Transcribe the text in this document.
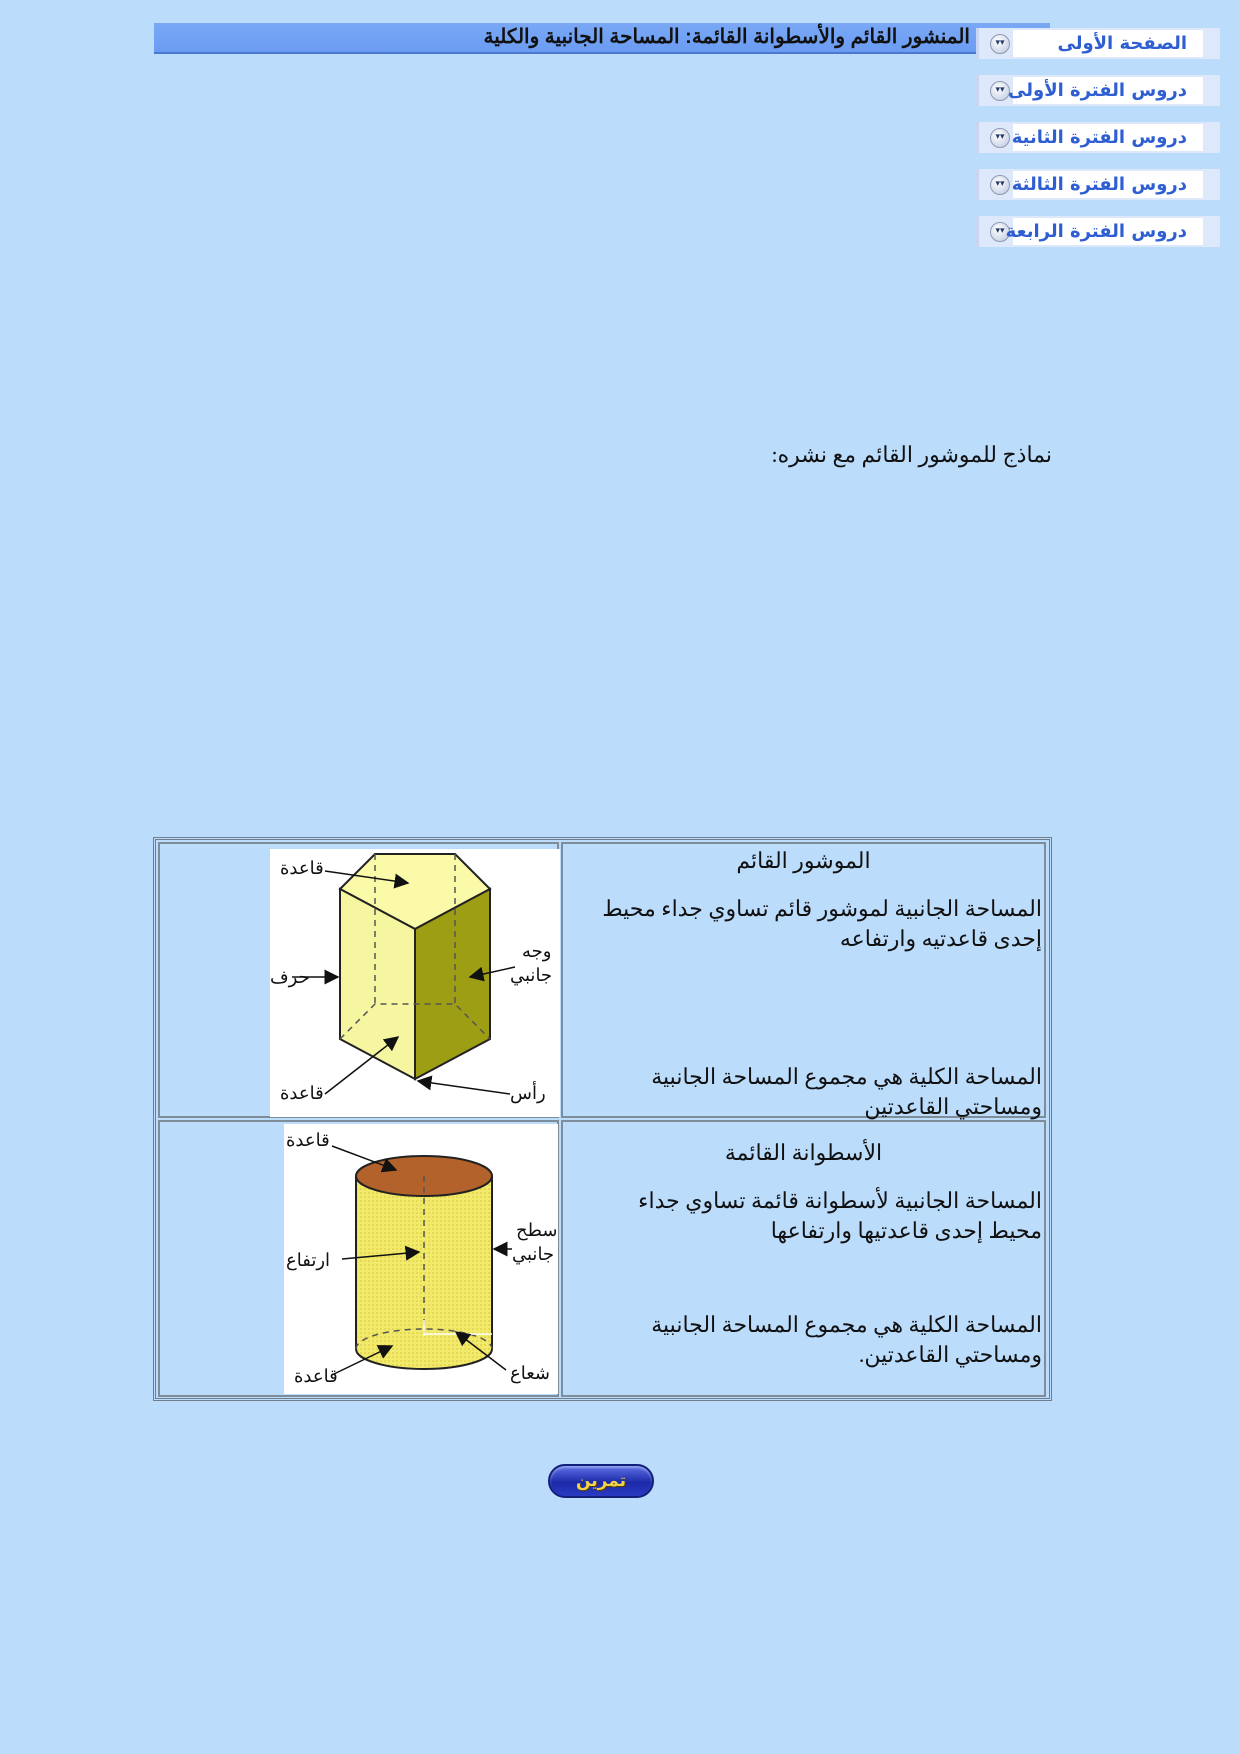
المنشور القائم والأسطوانة القائمة: المساحة الجانبية والكلية	▾▾	الصفحة الأولى
▾▾ دروس الفترة الأولى
▾▾ دروس الفترة الثانية
▾▾ دروس الفترة الثالثة
▾▾ دروس الفترة الرابعة
نماذج للموشور القائم مع نشره:
الموشور القائم
المساحة الجانبية لموشور قائم تساوي جداء محيط إحدى قاعدتيه وارتفاعه
المساحة الكلية هي مجموع المساحة الجانبية ومساحتي القاعدتين
قاعدة
وجه
جانبي
حرف
قاعدة	رأس
الأسطوانة القائمة
المساحة الجانبية لأسطوانة قائمة تساوي جداء محيط إحدى قاعدتيها وارتفاعها
المساحة الكلية هي مجموع المساحة الجانبية ومساحتي القاعدتين.
قاعدة
سطح
جانبي
ارتفاع
شعاع
قاعدة
تمرين
